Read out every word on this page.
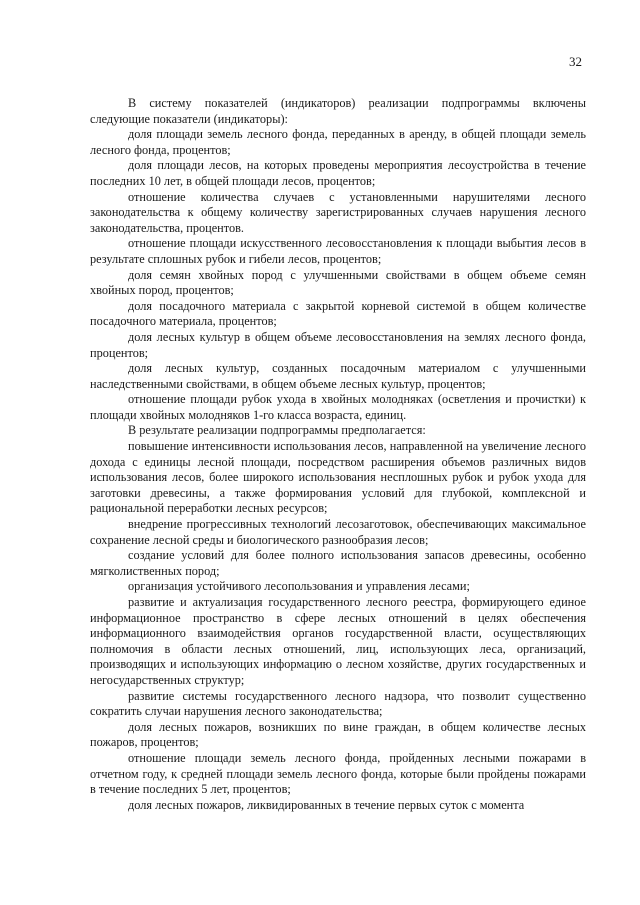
32

В систему показателей (индикаторов) реализации подпрограммы включены следующие показатели (индикаторы):

доля площади земель лесного фонда, переданных в аренду, в общей площади земель лесного фонда, процентов;

доля площади лесов, на которых проведены мероприятия лесоустройства в течение последних 10 лет, в общей площади лесов, процентов;

отношение количества случаев с установленными нарушителями лесного законодательства к общему количеству зарегистрированных случаев нарушения лесного законодательства, процентов.

отношение площади искусственного лесовосстановления к площади выбытия лесов в результате сплошных рубок и гибели лесов, процентов;

доля семян хвойных пород с улучшенными свойствами в общем объеме семян хвойных пород, процентов;

доля посадочного материала с закрытой корневой системой в общем количестве посадочного материала, процентов;

доля лесных культур в общем объеме лесовосстановления на землях лесного фонда, процентов;

доля лесных культур, созданных посадочным материалом с улучшенными наследственными свойствами, в общем объеме лесных культур, процентов;

отношение площади рубок ухода в хвойных молодняках (осветления и прочистки) к площади хвойных молодняков 1-го класса возраста, единиц.

В результате реализации подпрограммы предполагается:

повышение интенсивности использования лесов, направленной на увеличение лесного дохода с единицы лесной площади, посредством расширения объемов различных видов использования лесов, более широкого использования несплошных рубок и рубок ухода для заготовки древесины, а также формирования условий для глубокой, комплексной и рациональной переработки лесных ресурсов;

внедрение прогрессивных технологий лесозаготовок, обеспечивающих максимальное сохранение лесной среды и биологического разнообразия лесов;

создание условий для более полного использования запасов древесины, особенно мягколиственных пород;

организация устойчивого лесопользования и управления лесами;

развитие и актуализация государственного лесного реестра, формирующего единое информационное пространство в сфере лесных отношений в целях обеспечения информационного взаимодействия органов государственной власти, осуществляющих полномочия в области лесных отношений, лиц, использующих леса, организаций, производящих и использующих информацию о лесном хозяйстве, других государственных и негосударственных структур;

развитие системы государственного лесного надзора, что позволит существенно сократить случаи нарушения лесного законодательства;

доля лесных пожаров, возникших по вине граждан, в общем количестве лесных пожаров, процентов;

отношение площади земель лесного фонда, пройденных лесными пожарами в отчетном году, к средней площади земель лесного фонда, которые были пройдены пожарами в течение последних 5 лет, процентов;

доля лесных пожаров, ликвидированных в течение первых суток с момента
